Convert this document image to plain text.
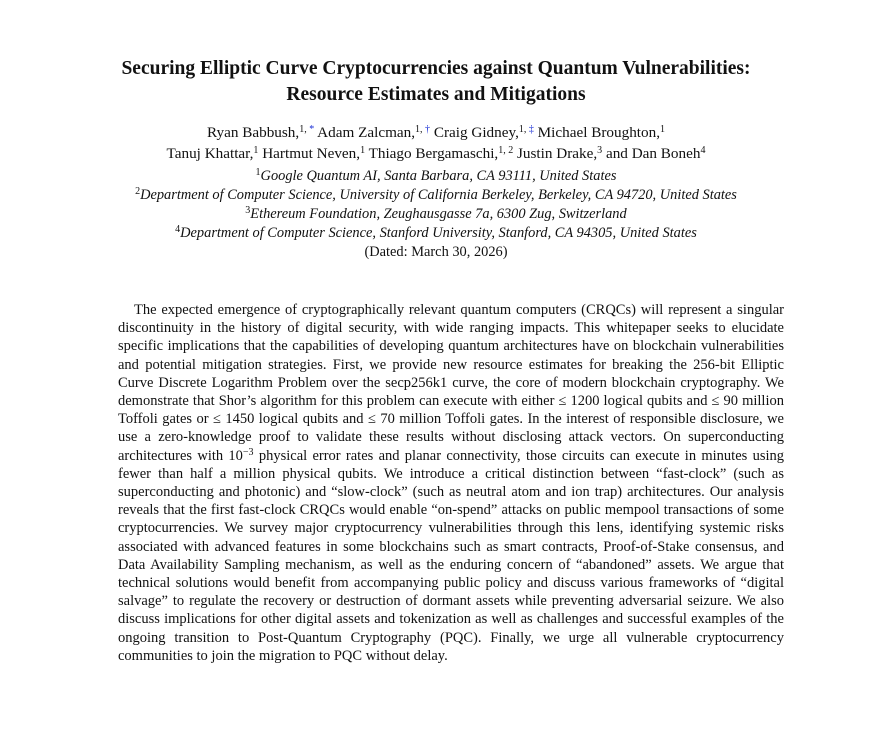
Securing Elliptic Curve Cryptocurrencies against Quantum Vulnerabilities:
Resource Estimates and Mitigations
Ryan Babbush,$^{1, *}$ Adam Zalcman,$^{1, \dagger}$ Craig Gidney,$^{1, \ddagger}$ Michael Broughton,$^1$
Tanuj Khattar,$^1$ Hartmut Neven,$^1$ Thiago Bergamaschi,$^{1, 2}$ Justin Drake,$^3$ and Dan Boneh$^4$
$^1$Google Quantum AI, Santa Barbara, CA 93111, United States
$^2$Department of Computer Science, University of California Berkeley, Berkeley, CA 94720, United States
$^3$Ethereum Foundation, Zeughausgasse 7a, 6300 Zug, Switzerland
$^4$Department of Computer Science, Stanford University, Stanford, CA 94305, United States
(Dated: March 30, 2026)

The expected emergence of cryptographically relevant quantum computers (CRQCs) will represent a singular discontinuity in the history of digital security, with wide ranging impacts. This whitepaper seeks to elucidate specific implications that the capabilities of developing quantum architectures have on blockchain vulnerabilities and potential mitigation strategies. First, we provide new resource estimates for breaking the 256-bit Elliptic Curve Discrete Logarithm Problem over the secp256k1 curve, the core of modern blockchain cryptography. We demonstrate that Shor’s algorithm for this problem can execute with either ≤ 1200 logical qubits and ≤ 90 million Toffoli gates or ≤ 1450 logical qubits and ≤ 70 million Toffoli gates. In the interest of responsible disclosure, we use a zero-knowledge proof to validate these results without disclosing attack vectors. On superconducting architectures with $10^{-3}$ physical error rates and planar connectivity, those circuits can execute in minutes using fewer than half a million physical qubits. We introduce a critical distinction between “fast-clock” (such as superconducting and photonic) and “slow-clock” (such as neutral atom and ion trap) architectures. Our analysis reveals that the first fast-clock CRQCs would enable “on-spend” attacks on public mempool transactions of some cryptocurrencies. We survey major cryptocurrency vulnerabilities through this lens, identifying systemic risks associated with advanced features in some blockchains such as smart contracts, Proof-of-Stake consensus, and Data Availability Sampling mechanism, as well as the enduring concern of “abandoned” assets. We argue that technical solutions would benefit from accompanying public policy and discuss various frameworks of “digital salvage” to regulate the recovery or destruction of dormant assets while preventing adversarial seizure. We also discuss implications for other digital assets and tokenization as well as challenges and successful examples of the ongoing transition to Post-Quantum Cryptography (PQC). Finally, we urge all vulnerable cryptocurrency communities to join the migration to PQC without delay.
